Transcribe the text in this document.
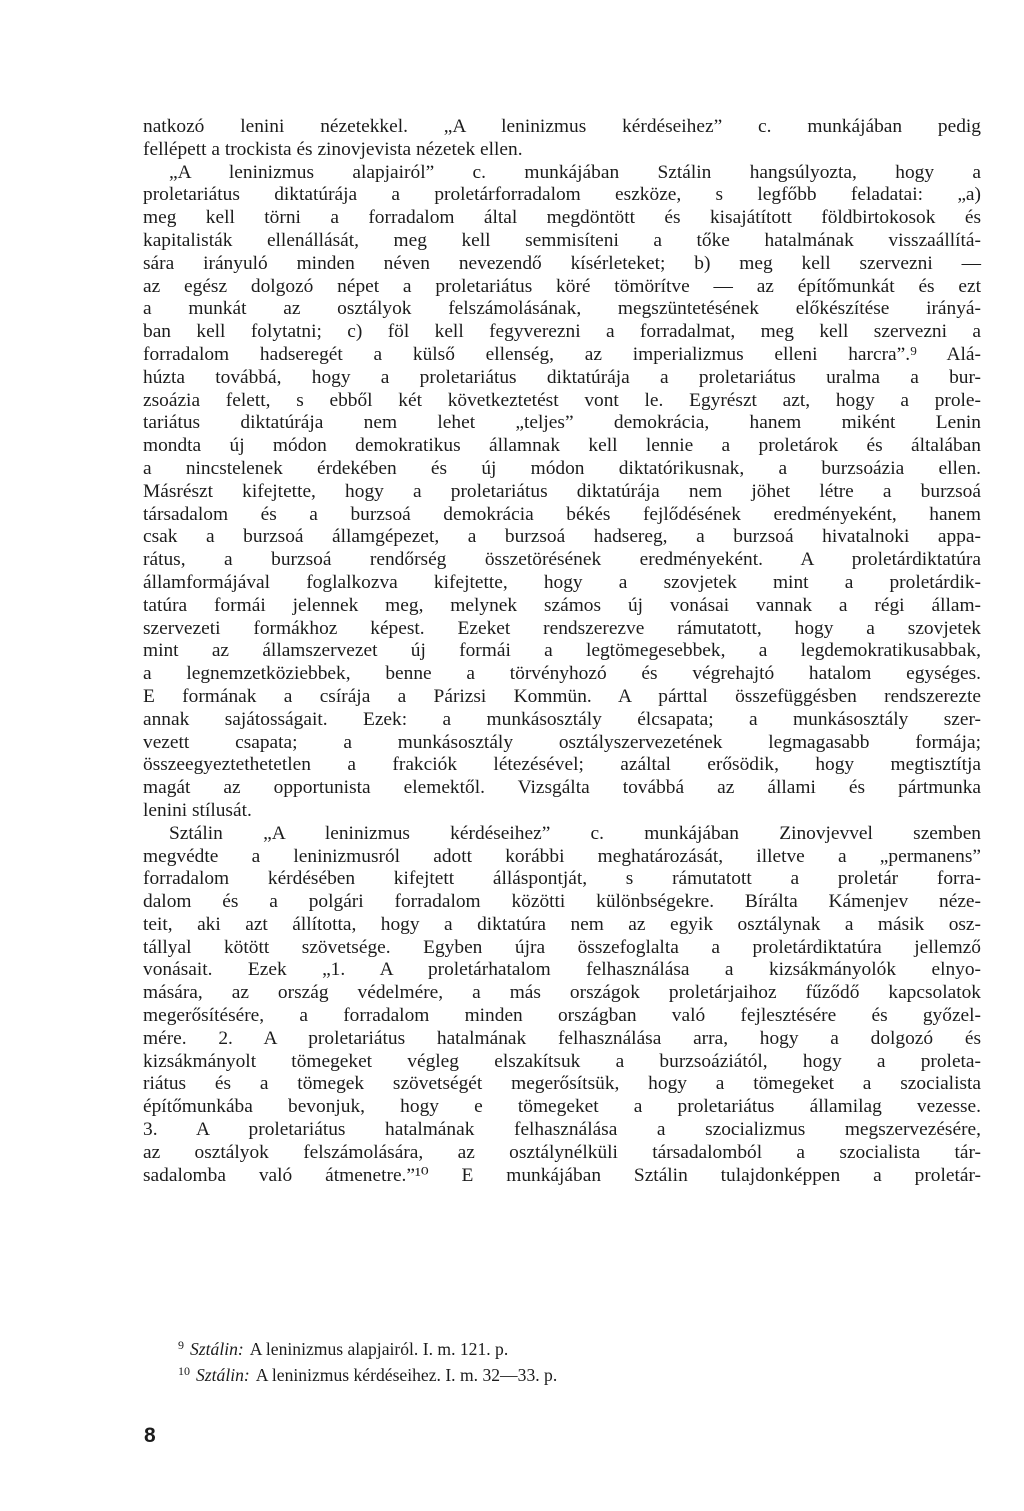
natkozó lenini nézetekkel. „A leninizmus kérdéseihez” c. munkájában pedig
fellépett a trockista és zinovjevista nézetek ellen.
„A leninizmus alapjairól” c. munkájában Sztálin hangsúlyozta, hogy a
proletariátus diktatúrája a proletárforradalom eszköze, s legfőbb feladatai: „a)
meg kell törni a forradalom által megdöntött és kisajátított földbirtokosok és
kapitalisták ellenállását, meg kell semmisíteni a tőke hatalmának visszaállítá-
sára irányuló minden néven nevezendő kísérleteket; b) meg kell szervezni —
az egész dolgozó népet a proletariátus köré tömörítve — az építőmunkát és ezt
a munkát az osztályok felszámolásának, megszüntetésének előkészítése irányá-
ban kell folytatni; c) föl kell fegyverezni a forradalmat, meg kell szervezni a
forradalom hadseregét a külső ellenség, az imperializmus elleni harcra”.⁹ Alá-
húzta továbbá, hogy a proletariátus diktatúrája a proletariátus uralma a bur-
zsoázia felett, s ebből két következtetést vont le. Egyrészt azt, hogy a prole-
tariátus diktatúrája nem lehet „teljes” demokrácia, hanem miként Lenin
mondta új módon demokratikus államnak kell lennie a proletárok és általában
a nincstelenek érdekében és új módon diktatórikusnak, a burzsoázia ellen.
Másrészt kifejtette, hogy a proletariátus diktatúrája nem jöhet létre a burzsoá
társadalom és a burzsoá demokrácia békés fejlődésének eredményeként, hanem
csak a burzsoá államgépezet, a burzsoá hadsereg, a burzsoá hivatalnoki appa-
rátus, a burzsoá rendőrség összetörésének eredményeként. A proletárdiktatúra
államformájával foglalkozva kifejtette, hogy a szovjetek mint a proletárdik-
tatúra formái jelennek meg, melynek számos új vonásai vannak a régi állam-
szervezeti formákhoz képest. Ezeket rendszerezve rámutatott, hogy a szovjetek
mint az államszervezet új formái a legtömegesebbek, a legdemokratikusabbak,
a legnemzetköziebbek, benne a törvényhozó és végrehajtó hatalom egységes.
E formának a csírája a Párizsi Kommün. A párttal összefüggésben rendszerezte
annak sajátosságait. Ezek: a munkásosztály élcsapata; a munkásosztály szer-
vezett csapata; a munkásosztály osztályszervezetének legmagasabb formája;
összeegyeztethetetlen a frakciók létezésével; azáltal erősödik, hogy megtisztítja
magát az opportunista elemektől. Vizsgálta továbbá az állami és pártmunka
lenini stílusát.
Sztálin „A leninizmus kérdéseihez” c. munkájában Zinovjevvel szemben
megvédte a leninizmusról adott korábbi meghatározását, illetve a „permanens”
forradalom kérdésében kifejtett álláspontját, s rámutatott a proletár forra-
dalom és a polgári forradalom közötti különbségekre. Bírálta Kámenjev néze-
teit, aki azt állította, hogy a diktatúra nem az egyik osztálynak a másik osz-
tállyal kötött szövetsége. Egyben újra összefoglalta a proletárdiktatúra jellemző
vonásait. Ezek „1. A proletárhatalom felhasználása a kizsákmányolók elnyo-
mására, az ország védelmére, a más országok proletárjaihoz fűződő kapcsolatok
megerősítésére, a forradalom minden országban való fejlesztésére és győzel-
mére. 2. A proletariátus hatalmának felhasználása arra, hogy a dolgozó és
kizsákmányolt tömegeket végleg elszakítsuk a burzsoáziától, hogy a proleta-
riátus és a tömegek szövetségét megerősítsük, hogy a tömegeket a szocialista
építőmunkába bevonjuk, hogy e tömegeket a proletariátus államilag vezesse.
3. A proletariátus hatalmának felhasználása a szocializmus megszervezésére,
az osztályok felszámolására, az osztálynélküli társadalomból a szocialista tár-
sadalomba való átmenetre.”¹⁰ E munkájában Sztálin tulajdonképpen a proletár-
$^9$ Sztálin: A leninizmus alapjairól. I. m. 121. p.
$^{10}$ Sztálin: A leninizmus kérdéseihez. I. m. 32—33. p.
8
